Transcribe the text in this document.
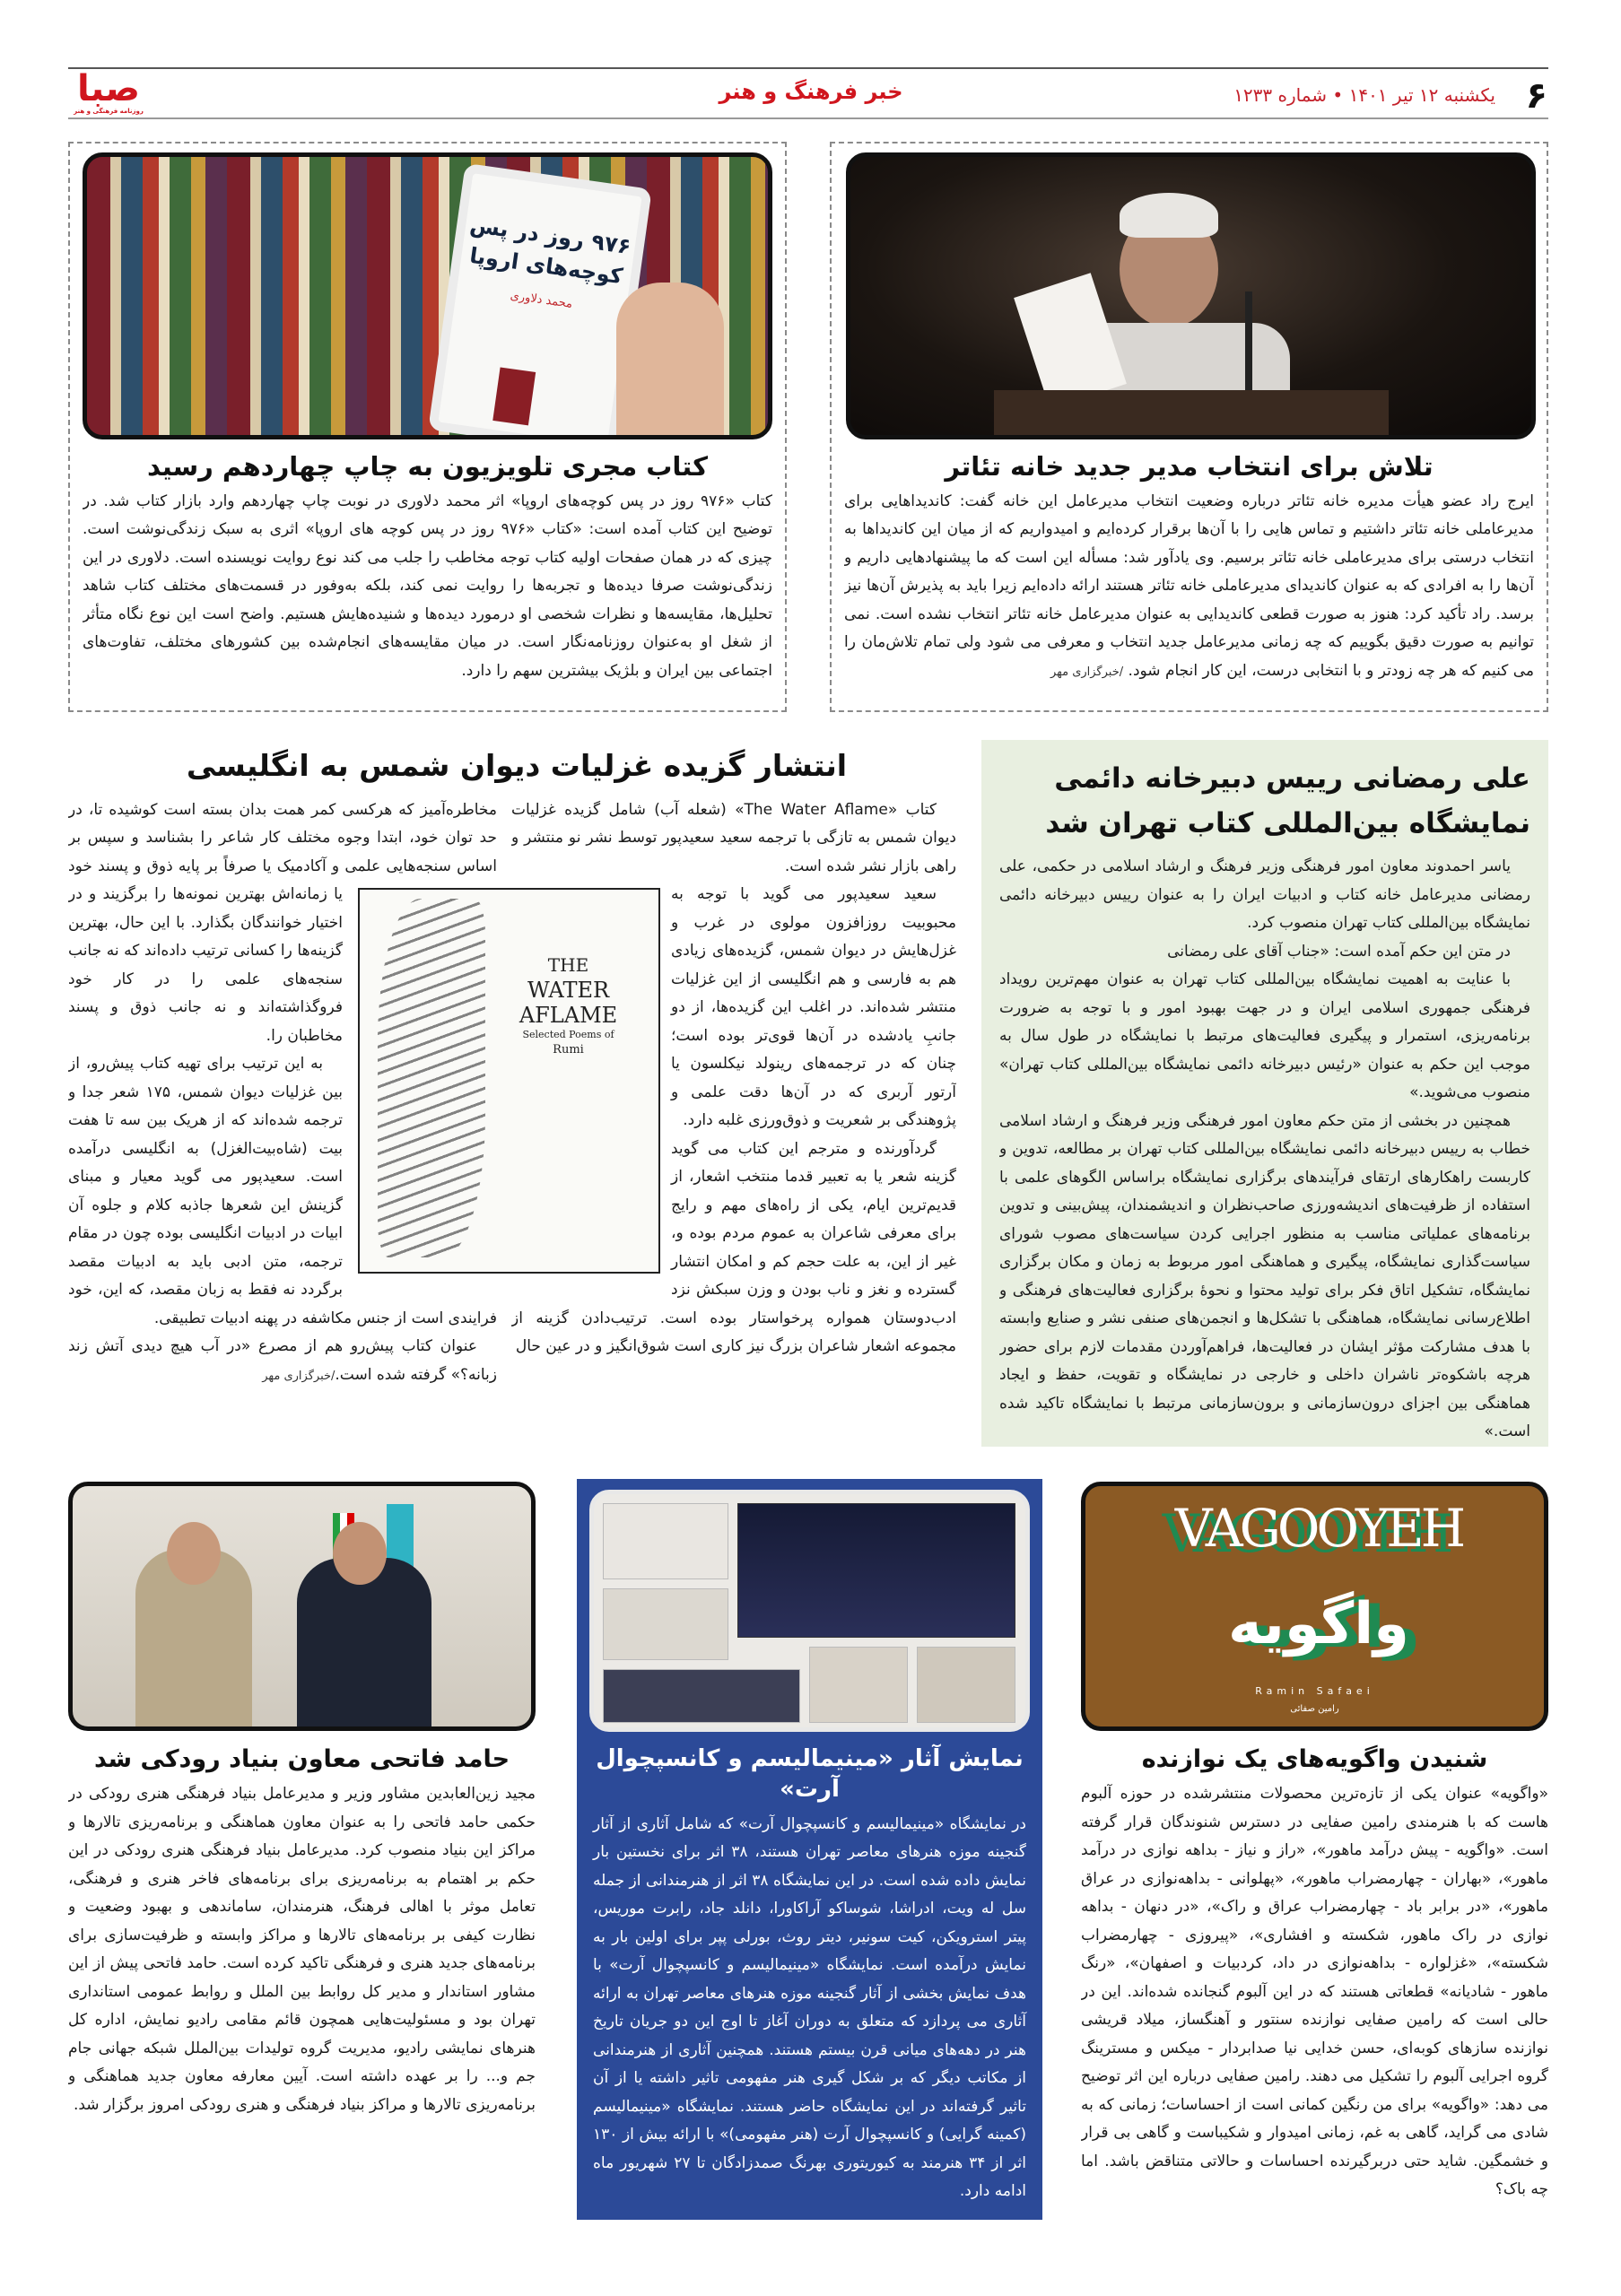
۶
یکشنبه ۱۲ تیر ۱۴۰۱ • شماره ۱۲۳۳
خبر فرهنگ و هنر
صبا
روزنامه فرهنگی و هنر
تلاش برای انتخاب مدیر جدید خانه تئاتر
ایرج راد عضو هیأت مدیره خانه تئاتر درباره وضعیت انتخاب مدیرعامل این خانه گفت: کاندیداهایی برای مدیرعاملی خانه تئاتر داشتیم و تماس هایی را با آن‌ها برقرار کرده‌ایم و امیدواریم که از میان این کاندیداها به انتخاب درستی برای مدیرعاملی خانه تئاتر برسیم. وی یادآور شد: مسأله این است که ما پیشنهادهایی داریم و آن‌ها را به افرادی که به عنوان کاندیدای مدیرعاملی خانه تئاتر هستند ارائه داده‌ایم زیرا باید به پذیرش آن‌ها نیز برسد. راد تأکید کرد: هنوز به صورت قطعی کاندیدایی به عنوان مدیرعامل خانه تئاتر انتخاب نشده است. نمی توانیم به صورت دقیق بگوییم که چه زمانی مدیرعامل جدید انتخاب و معرفی می شود ولی تمام تلاش‌مان را می کنیم که هر چه زودتر و با انتخابی درست، این کار انجام شود. /خبرگزاری مهر
۹۷۶ روز در پس کوچه‌های اروپا
محمد دلاوری
کتاب مجری تلویزیون به چاپ چهاردهم رسید
کتاب «۹۷۶ روز در پس کوچه‌های اروپا» اثر محمد دلاوری در نوبت چاپ چهاردهم وارد بازار کتاب شد. در توضیح این کتاب آمده است: «کتاب «۹۷۶ روز در پس کوچه های اروپا» اثری به سبک زندگی‌نوشت است. چیزی که در همان صفحات اولیه کتاب توجه مخاطب را جلب می کند نوع روایت نویسنده است. دلاوری در این زندگی‌نوشت صرفا دیده‌ها و تجربه‌ها را روایت نمی کند، بلکه به‌وفور در قسمت‌های مختلف کتاب شاهد تحلیل‌ها، مقایسه‌ها و نظرات شخصی او درمورد دیده‌ها و شنیده‌هایش هستیم. واضح است این نوع نگاه متأثر از شغل او به‌عنوان روزنامه‌نگار است. در میان مقایسه‌های انجام‌شده بین کشورهای مختلف، تفاوت‌های اجتماعی بین ایران و بلژیک بیشترین سهم را دارد.
علی رمضانی رییس دبیرخانه دائمی نمایشگاه بین‌المللی کتاب تهران شد

یاسر احمدوند معاون امور فرهنگی وزیر فرهنگ و ارشاد اسلامی در حکمی، علی رمضانی مدیرعامل خانه کتاب و ادبیات ایران را به عنوان رییس دبیرخانه دائمی نمایشگاه بین‌المللی کتاب تهران منصوب کرد.

در متن این حکم آمده است: «جناب آقای علی رمضانی

با عنایت به اهمیت نمایشگاه بین‌المللی کتاب تهران به عنوان مهم‌ترین رویداد فرهنگی جمهوری اسلامی ایران و در جهت بهبود امور و با توجه به ضرورت برنامه‌ریزی، استمرار و پیگیری فعالیت‌های مرتبط با نمایشگاه در طول سال به موجب این حکم به عنوان «رئیس دبیرخانه دائمی نمایشگاه بین‌المللی کتاب تهران» منصوب می‌شوید.»

همچنین در بخشی از متن حکم معاون امور فرهنگی وزیر فرهنگ و ارشاد اسلامی خطاب به رییس دبیرخانه دائمی نمایشگاه بین‌المللی کتاب تهران بر مطالعه، تدوین و کاربست راهکارهای ارتقای فرآیندهای برگزاری نمایشگاه براساس الگوهای علمی با استفاده از ظرفیت‌های اندیشه‌ورزی صاحب‌نظران و اندیشمندان، پیش‌بینی و تدوین برنامه‌های عملیاتی مناسب به منظور اجرایی کردن سیاست‌های مصوب شورای سیاست‌گذاری نمایشگاه، پیگیری و هماهنگی امور مربوط به زمان و مکان برگزاری نمایشگاه، تشکیل اتاق فکر برای تولید محتوا و نحوهٔ برگزاری فعالیت‌های فرهنگی و اطلاع‌رسانی نمایشگاه، هماهنگی با تشکل‌ها و انجمن‌های صنفی نشر و صنایع وابسته با هدف مشارکت مؤثر ایشان در فعالیت‌ها، فراهم‌آوردن مقدمات لازم برای حضور هرچه باشکوه‌تر ناشران داخلی و خارجی در نمایشگاه و تقویت، حفظ و ایجاد هماهنگی بین اجزای درون‌سازمانی و برون‌سازمانی مرتبط با نمایشگاه تاکید شده است.»

انتشار گزیده غزلیات دیوان شمس به انگلیسی

کتاب «The Water Aflame» (شعله آب) شامل گزیده غزلیات دیوان شمس به تازگی با ترجمه سعید سعیدپور توسط نشر نو منتشر و راهی بازار نشر شده است.

سعید سعیدپور می گوید با توجه به محبوبیت روزافزون مولوی در غرب و غزل‌هایش در دیوان شمس، گزیده‌های زیادی هم به فارسی و هم انگلیسی از این غزلیات منتشر شده‌اند. در اغلب این گزیده‌ها، از دو جانبِ یادشده در آن‌ها قوی‌تر بوده است؛ چنان که در ترجمه‌های رینولد نیکلسون یا آرتور آربری که در آن‌ها دقت علمی و پژوهندگی بر شعریت و ذوق‌ورزی غلبه دارد.

گردآورنده و مترجم این کتاب می گوید گزینه شعر یا به تعبیر قدما منتخب اشعار، از قدیم‌ترین ایام، یکی از راه‌های مهم و رایج برای معرفی شاعران به عموم مردم بوده و، غیر از این، به علت حجم کم و امکان انتشار گسترده و نغز و ناب بودن و وزن سبکش نزد ادب‌دوستان همواره پرخواستار بوده است. ترتیب‌دادن گزینه از مجموعه اشعار شاعران بزرگ نیز کاری است شوق‌انگیز و در عین حال

مخاطره‌آمیز که هرکسی کمر همت بدان بسته است کوشیده تا، در حد توان خود، ابتدا وجوه مختلف کار شاعر را بشناسد و سپس بر اساس سنجه‌هایی علمی و آکادمیک یا صرفاً بر پایه ذوق و پسند خود یا زمانه‌اش بهترین نمونه‌ها را برگزیند و در اختیار خوانندگان بگذارد. با این حال، بهترین گزینه‌ها را کسانی ترتیب داده‌اند که نه جانب سنجه‌های علمی را در کار خود فروگذاشته‌اند و نه جانب ذوق و پسند مخاطبان را.

به این ترتیب برای تهیه کتاب پیش‌رو، از بین غزلیات دیوان شمس، ۱۷۵ شعر جدا و ترجمه شده‌اند که از هریک بین سه تا هفت بیت (شاه‌بیت‌الغزل) به انگلیسی درآمده است. سعیدپور می گوید معیار و مبنای گزینش این شعرها جاذبه کلام و جلوه آن ابیات در ادبیات انگلیسی بوده چون در مقام ترجمه، متن ادبی باید به ادبیات مقصد برگردد نه فقط به زبان مقصد، که این، خود فرایندی است از جنس مکاشفه در پهنه ادبیات تطبیقی.

عنوان کتاب پیش‌رو هم از مصرع «در آب هیچ دیدی آتش زند زبانه؟» گرفته شده است./خبرگزاری مهر

THE
WATER
AFLAME
Selected Poems of
Rumi
VAGOOYEH
واگویه
Ramin Safaei
رامین صفائی
شنیدن واگویه‌های یک نوازنده
«واگویه» عنوان یکی از تازه‌ترین محصولات منتشرشده در حوزه آلبوم هاست که با هنرمندی رامین صفایی در دسترس شنوندگان قرار گرفته است. «واگویه - پیش درآمد ماهور»، «راز و نیاز - بداهه نوازی در درآمد ماهور»، «بهاران - چهارمضراب ماهور»، «پهلوانی - بداهه‌نوازی در عراق ماهور»، «در برابر باد - چهارمضراب عراق و راک»، «در دنهان - بداهه نوازی در راک ماهور، شکسته و افشاری»، «پیروزی - چهارمضراب شکسته»، «غزلواره - بداهه‌نوازی در داد، کردبیات و اصفهان»، «رنگ ماهور - شادیانه» قطعاتی هستند که در این آلبوم گنجانده شده‌اند. این در حالی است که رامین صفایی نوازنده سنتور و آهنگساز، میلاد قریشی نوازنده سازهای کوبه‌ای، حسن خدایی نیا صدابردار - میکس و مسترینگ گروه اجرایی آلبوم را تشکیل می دهند. رامین صفایی درباره این اثر توضیح می دهد: «واگویه» برای من رنگین کمانی است از احساسات؛ زمانی که به شادی می گراید، گاهی به غم، زمانی امیدوار و شکیباست و گاهی بی قرار و خشمگین. شاید حتی دربرگیرنده احساسات و حالاتی متناقض باشد. اما چه باک؟
نمایش آثار «مینیمالیسم و کانسپچوال آرت»
در نمایشگاه «مینیمالیسم و کانسپچوال آرت» که شامل آثاری از آثار گنجینه موزه هنرهای معاصر تهران هستند، ۳۸ اثر برای نخستین بار نمایش داده شده است. در این نمایشگاه ۳۸ اثر از هنرمندانی از جمله سل له ویت، ادراشا، شوساکو آراکاورا، دانلد جاد، رابرت موریس، پیتر استرویکن، کیت سونیر، دیتر روث، بورلی پپر برای اولین بار به نمایش درآمده است. نمایشگاه «مینیمالیسم و کانسپچوال آرت» با هدف نمایش بخشی از آثار گنجینه موزه هنرهای معاصر تهران به ارائه آثاری می پردازد که متعلق به دوران آغاز تا اوج این دو جریان تاریخ هنر در دهه‌های میانی قرن بیستم هستند. همچنین آثاری از هنرمندانی از مکاتب دیگر که بر شکل گیری هنر مفهومی تاثیر داشته یا از آن تاثیر گرفته‌اند در این نمایشگاه حاضر هستند. نمایشگاه «مینیمالیسم (کمینه گرایی) و کانسپچوال آرت (هنر مفهومی)» با ارائه بیش از ۱۳۰ اثر از ۳۴ هنرمند به کیوریتوری بهرنگ صمدزادگان تا ۲۷ شهریور ماه ادامه دارد.
حامد فاتحی معاون بنیاد رودکی شد
مجید زین‌العابدین مشاور وزیر و مدیرعامل بنیاد فرهنگی هنری رودکی در حکمی حامد فاتحی را به عنوان معاون هماهنگی و برنامه‌ریزی تالارها و مراکز این بنیاد منصوب کرد. مدیرعامل بنیاد فرهنگی هنری رودکی در این حکم بر اهتمام به برنامه‌ریزی برای برنامه‌های فاخر هنری و فرهنگی، تعامل موثر با اهالی فرهنگ، هنرمندان، ساماندهی و بهبود وضعیت و نظارت کیفی بر برنامه‌های تالارها و مراکز وابسته و ظرفیت‌سازی برای برنامه‌های جدید هنری و فرهنگی تاکید کرده است. حامد فاتحی پیش از این مشاور استاندار و مدیر کل روابط بین الملل و روابط عمومی استانداری تهران بود و مسئولیت‌هایی همچون قائم مقامی رادیو نمایش، اداره کل هنرهای نمایشی رادیو، مدیریت گروه تولیدات بین‌الملل شبکه جهانی جام جم و... را بر عهده داشته است. آیین معارفه معاون جدید هماهنگی و برنامه‌ریزی تالارها و مراکز بنیاد فرهنگی و هنری رودکی امروز برگزار شد.
